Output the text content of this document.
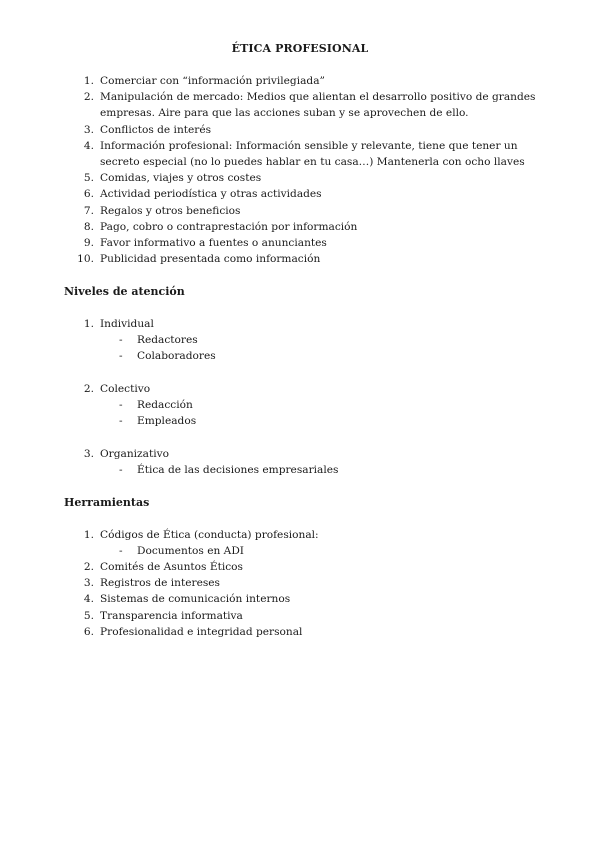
ÉTICA PROFESIONAL
1. Comerciar con “información privilegiada”
2. Manipulación de mercado: Medios que alientan el desarrollo positivo de grandes empresas. Aire para que las acciones suban y se aprovechen de ello.
3. Conflictos de interés
4. Información profesional: Información sensible y relevante, tiene que tener un secreto especial (no lo puedes hablar en tu casa…) Mantenerla con ocho llaves
5. Comidas, viajes y otros costes
6. Actividad periodística y otras actividades
7. Regalos y otros beneficios
8. Pago, cobro o contraprestación por información
9. Favor informativo a fuentes o anunciantes
10. Publicidad presentada como información
Niveles de atención
1. Individual
- Redactores
- Colaboradores
2. Colectivo
- Redacción
- Empleados
3. Organizativo
- Ética de las decisiones empresariales
Herramientas
1. Códigos de Ética (conducta) profesional:
- Documentos en ADI
2. Comités de Asuntos Éticos
3. Registros de intereses
4. Sistemas de comunicación internos
5. Transparencia informativa
6. Profesionalidad e integridad personal
